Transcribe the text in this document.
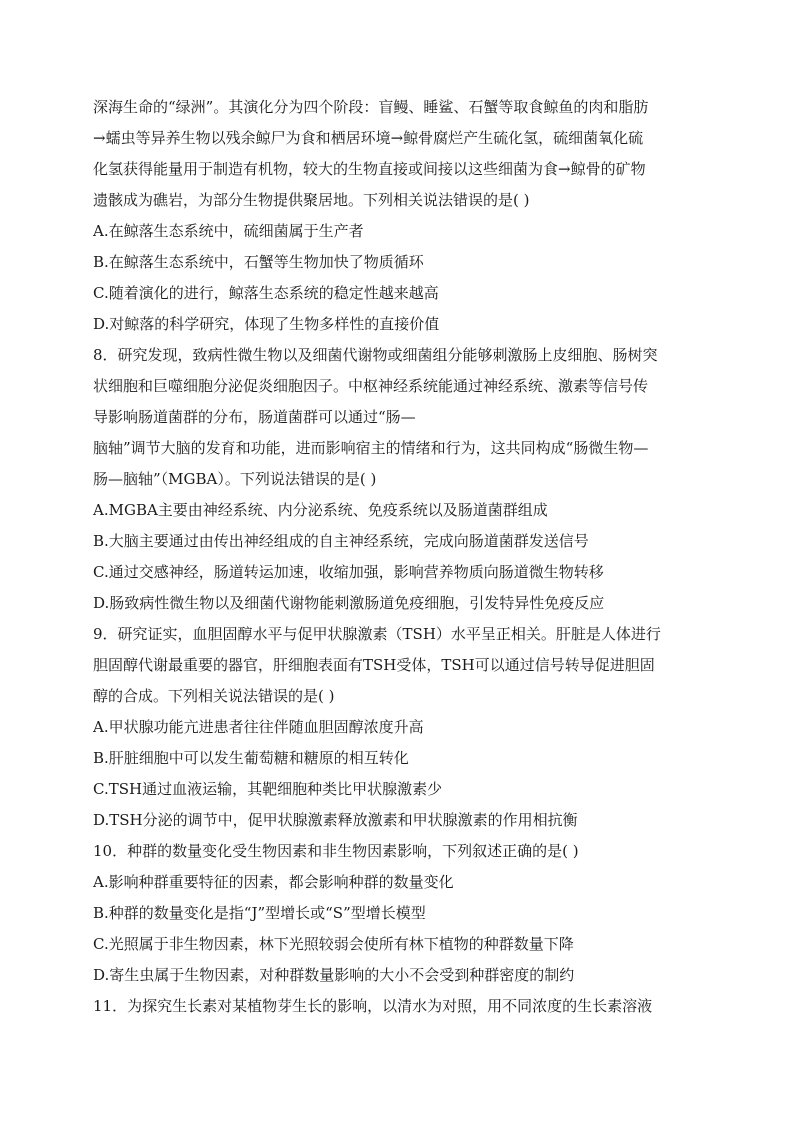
深海生命的“绿洲”。其演化分为四个阶段：盲鳗、睡鲨、石蟹等取食鲸鱼的肉和脂肪
→蠕虫等异养生物以残余鲸尸为食和栖居环境→鲸骨腐烂产生硫化氢，硫细菌氧化硫
化氢获得能量用于制造有机物，较大的生物直接或间接以这些细菌为食→鲸骨的矿物
遗骸成为礁岩，为部分生物提供聚居地。下列相关说法错误的是( )
A.在鲸落生态系统中，硫细菌属于生产者
B.在鲸落生态系统中，石蟹等生物加快了物质循环
C.随着演化的进行，鲸落生态系统的稳定性越来越高
D.对鲸落的科学研究，体现了生物多样性的直接价值
8．研究发现，致病性微生物以及细菌代谢物或细菌组分能够刺激肠上皮细胞、肠树突
状细胞和巨噬细胞分泌促炎细胞因子。中枢神经系统能通过神经系统、激素等信号传
导影响肠道菌群的分布，肠道菌群可以通过“肠—
脑轴”调节大脑的发育和功能，进而影响宿主的情绪和行为，这共同构成“肠微生物—
肠—脑轴”（MGBA）。下列说法错误的是( )
A.MGBA主要由神经系统、内分泌系统、免疫系统以及肠道菌群组成
B.大脑主要通过由传出神经组成的自主神经系统，完成向肠道菌群发送信号
C.通过交感神经，肠道转运加速，收缩加强，影响营养物质向肠道微生物转移
D.肠致病性微生物以及细菌代谢物能刺激肠道免疫细胞，引发特异性免疫反应
9．研究证实，血胆固醇水平与促甲状腺激素（TSH）水平呈正相关。肝脏是人体进行
胆固醇代谢最重要的器官，肝细胞表面有TSH受体，TSH可以通过信号转导促进胆固
醇的合成。下列相关说法错误的是( )
A.甲状腺功能亢进患者往往伴随血胆固醇浓度升高
B.肝脏细胞中可以发生葡萄糖和糖原的相互转化
C.TSH通过血液运输，其靶细胞种类比甲状腺激素少
D.TSH分泌的调节中，促甲状腺激素释放激素和甲状腺激素的作用相抗衡
10．种群的数量变化受生物因素和非生物因素影响，下列叙述正确的是( )
A.影响种群重要特征的因素，都会影响种群的数量变化
B.种群的数量变化是指“J”型增长或“S”型增长模型
C.光照属于非生物因素，林下光照较弱会使所有林下植物的种群数量下降
D.寄生虫属于生物因素，对种群数量影响的大小不会受到种群密度的制约
11．为探究生长素对某植物芽生长的影响，以清水为对照，用不同浓度的生长素溶液
